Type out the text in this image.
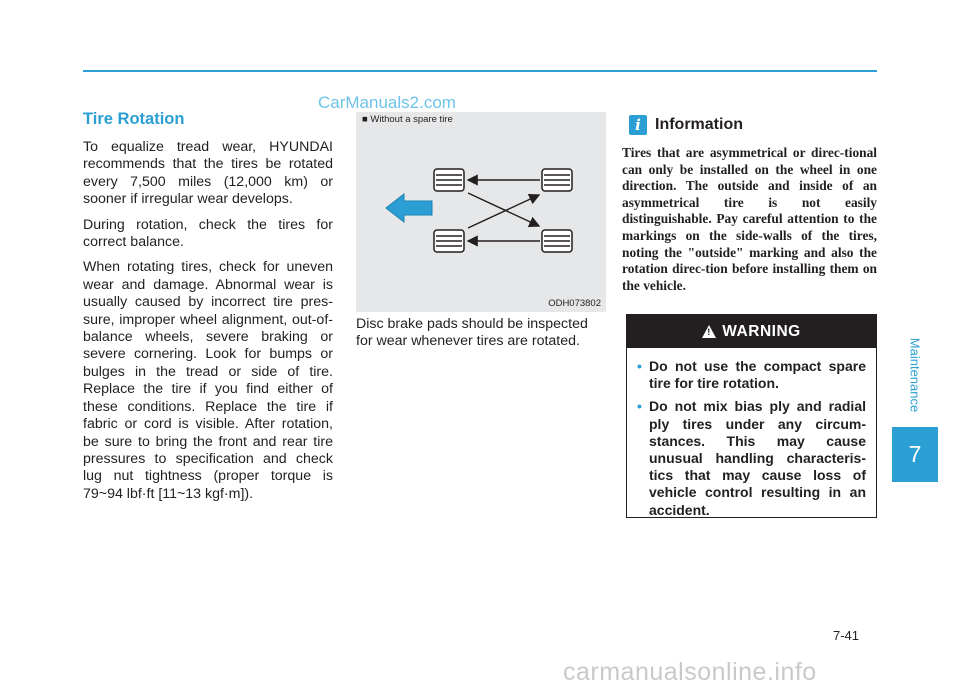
CarManuals2.com
Tire Rotation

To equalize tread wear, HYUNDAI recommends that the tires be rotated every 7,500 miles (12,000 km) or sooner if irregular wear develops.

During rotation, check the tires for correct balance.

When rotating tires, check for uneven wear and damage. Abnormal wear is usually caused by incorrect tire pres-sure, improper wheel alignment, out-of-balance wheels, severe braking or severe cornering. Look for bumps or bulges in the tread or side of tire. Replace the tire if you find either of these conditions. Replace the tire if fabric or cord is visible. After rotation, be sure to bring the front and rear tire pressures to specification and check lug nut tightness (proper torque is 79~94 lbf·ft [11~13 kgf·m]).

■ Without a spare tire
ODH073802

Disc brake pads should be inspected for wear whenever tires are rotated.

i Information

Tires that are asymmetrical or direc-tional can only be installed on the wheel in one direction. The outside and inside of an asymmetrical tire is not easily distinguishable. Pay careful attention to the markings on the side-walls of the tires, noting the "outside" marking and also the rotation direc-tion before installing them on the vehicle.

! WARNING
• Do not use the compact spare tire for tire rotation.
• Do not mix bias ply and radial ply tires under any circum-stances. This may cause unusual handling characteris-tics that may cause loss of vehicle control resulting in an accident.
Maintenance
7
7-41
carmanualsonline.info
